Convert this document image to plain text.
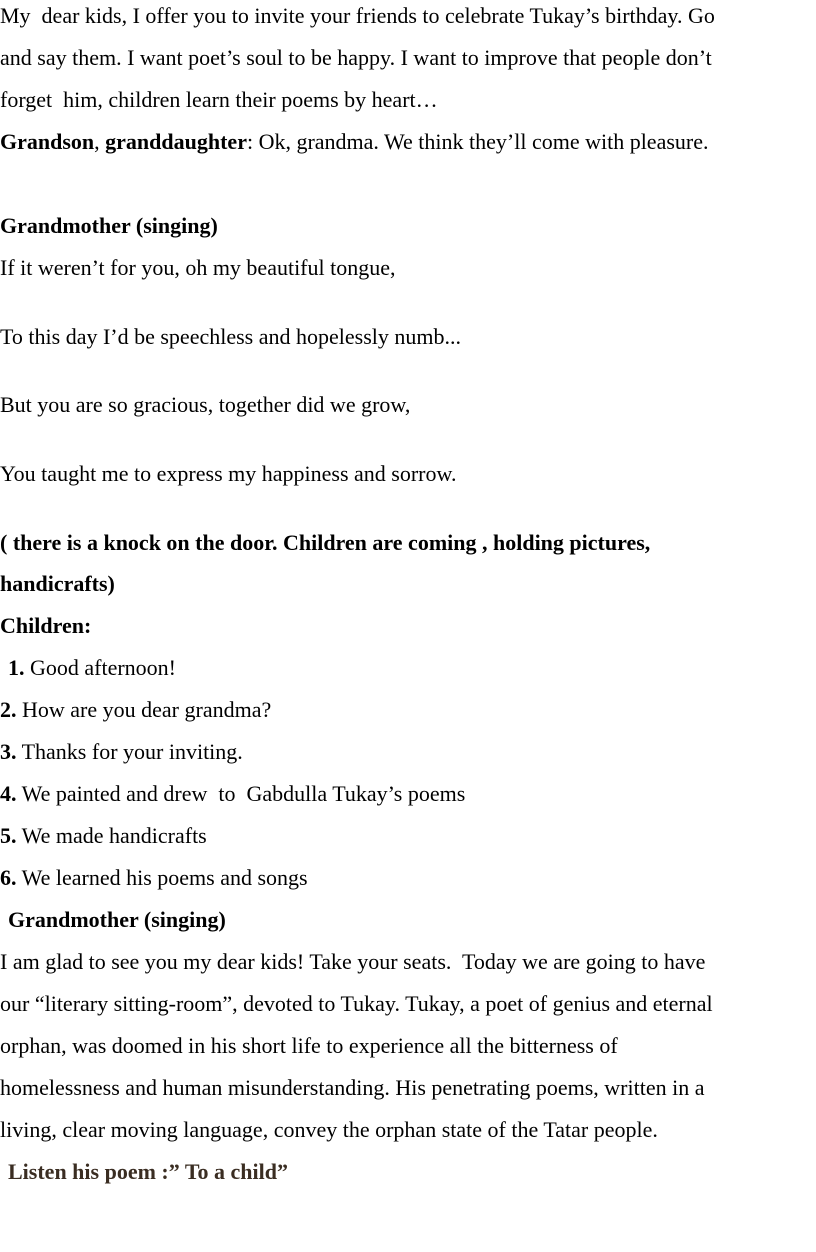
My  dear kids, I offer you to invite your friends to celebrate Tukay’s birthday. Go
and say them. I want poet’s soul to be happy. I want to improve that people don’t
forget  him, children learn their poems by heart…
Grandson, granddaughter: Ok, grandma. We think they’ll come with pleasure.
Grandmother (singing)
If it weren’t for you, oh my beautiful tongue,
To this day I’d be speechless and hopelessly numb...
But you are so gracious, together did we grow,
You taught me to express my happiness and sorrow.
( there is a knock on the door. Children are coming , holding pictures,
handicrafts)
Children:
1. Good afternoon!
2. How are you dear grandma?
3. Thanks for your inviting.
4. We painted and drew  to  Gabdulla Tukay’s poems
5. We made handicrafts
6. We learned his poems and songs
Grandmother (singing)
I am glad to see you my dear kids! Take your seats.  Today we are going to have
our “literary sitting-room”, devoted to Tukay. Tukay, a poet of genius and eternal
orphan, was doomed in his short life to experience all the bitterness of
homelessness and human misunderstanding. His penetrating poems, written in a
living, clear moving language, convey the orphan state of the Tatar people.
Listen his poem :” To a child”
